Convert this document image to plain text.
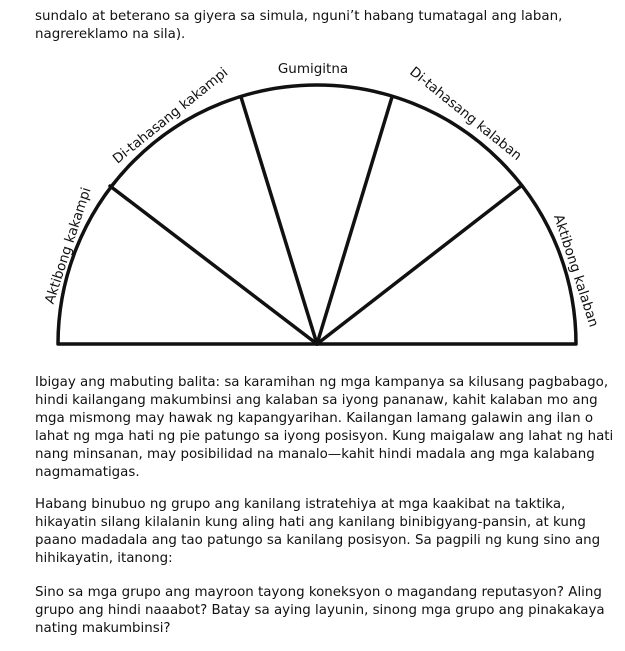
sundalo at beterano sa giyera sa simula, nguni’t habang tumatagal ang laban,
nagrereklamo na sila).
Aktibong kakampi
Di-tahasang kakampi	Gumigitna	Di-tahasang kalaban
Aktibong kalaban
Ibigay ang mabuting balita: sa karamihan ng mga kampanya sa kilusang pagbabago,
hindi kailangang makumbinsi ang kalaban sa iyong pananaw, kahit kalaban mo ang
mga mismong may hawak ng kapangyarihan. Kailangan lamang galawin ang ilan o
lahat ng mga hati ng pie patungo sa iyong posisyon. Kung maigalaw ang lahat ng hati
nang minsanan, may posibilidad na manalo—kahit hindi madala ang mga kalabang
nagmamatigas.
Habang binubuo ng grupo ang kanilang istratehiya at mga kaakibat na taktika,
hikayatin silang kilalanin kung aling hati ang kanilang binibigyang-pansin, at kung
paano madadala ang tao patungo sa kanilang posisyon. Sa pagpili ng kung sino ang
hihikayatin, itanong:
Sino sa mga grupo ang mayroon tayong koneksyon o magandang reputasyon? Aling
grupo ang hindi naaabot? Batay sa aying layunin, sinong mga grupo ang pinakakaya
nating makumbinsi?
